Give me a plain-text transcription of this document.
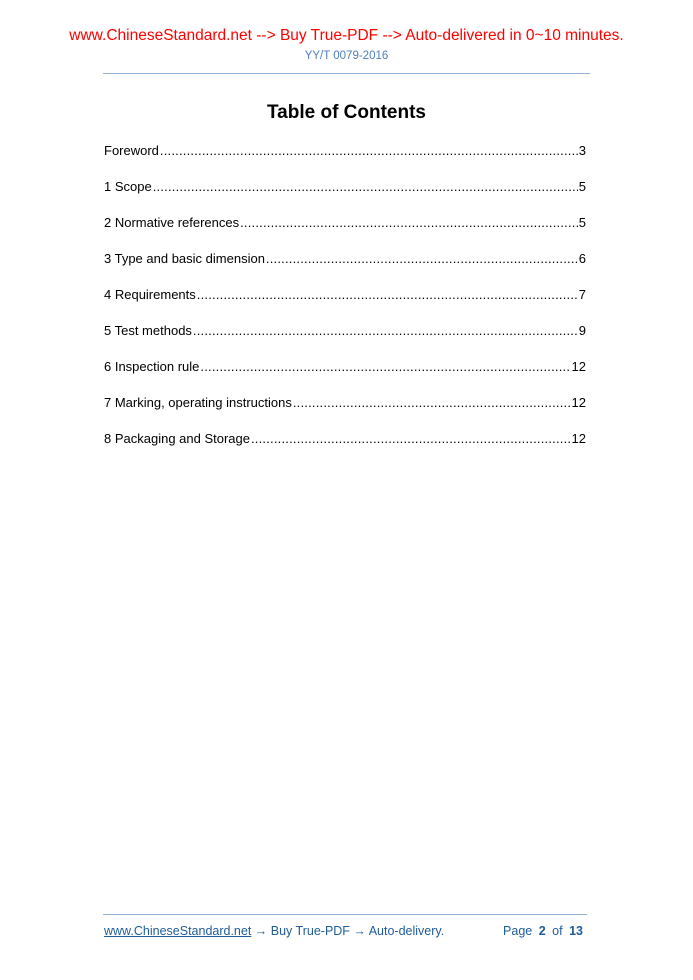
www.ChineseStandard.net --> Buy True-PDF --> Auto-delivered in 0~10 minutes.
YY/T 0079-2016
Table of Contents
Foreword .....	3
1 Scope .....	5
2 Normative references .....	5
3 Type and basic dimension .....	6
4 Requirements .....	7
5 Test methods .....	9
6 Inspection rule .....	12
7 Marking, operating instructions .....	12
8 Packaging and Storage .....	12
www.ChineseStandard.net → Buy True-PDF → Auto-delivery.	Page 2 of 13
